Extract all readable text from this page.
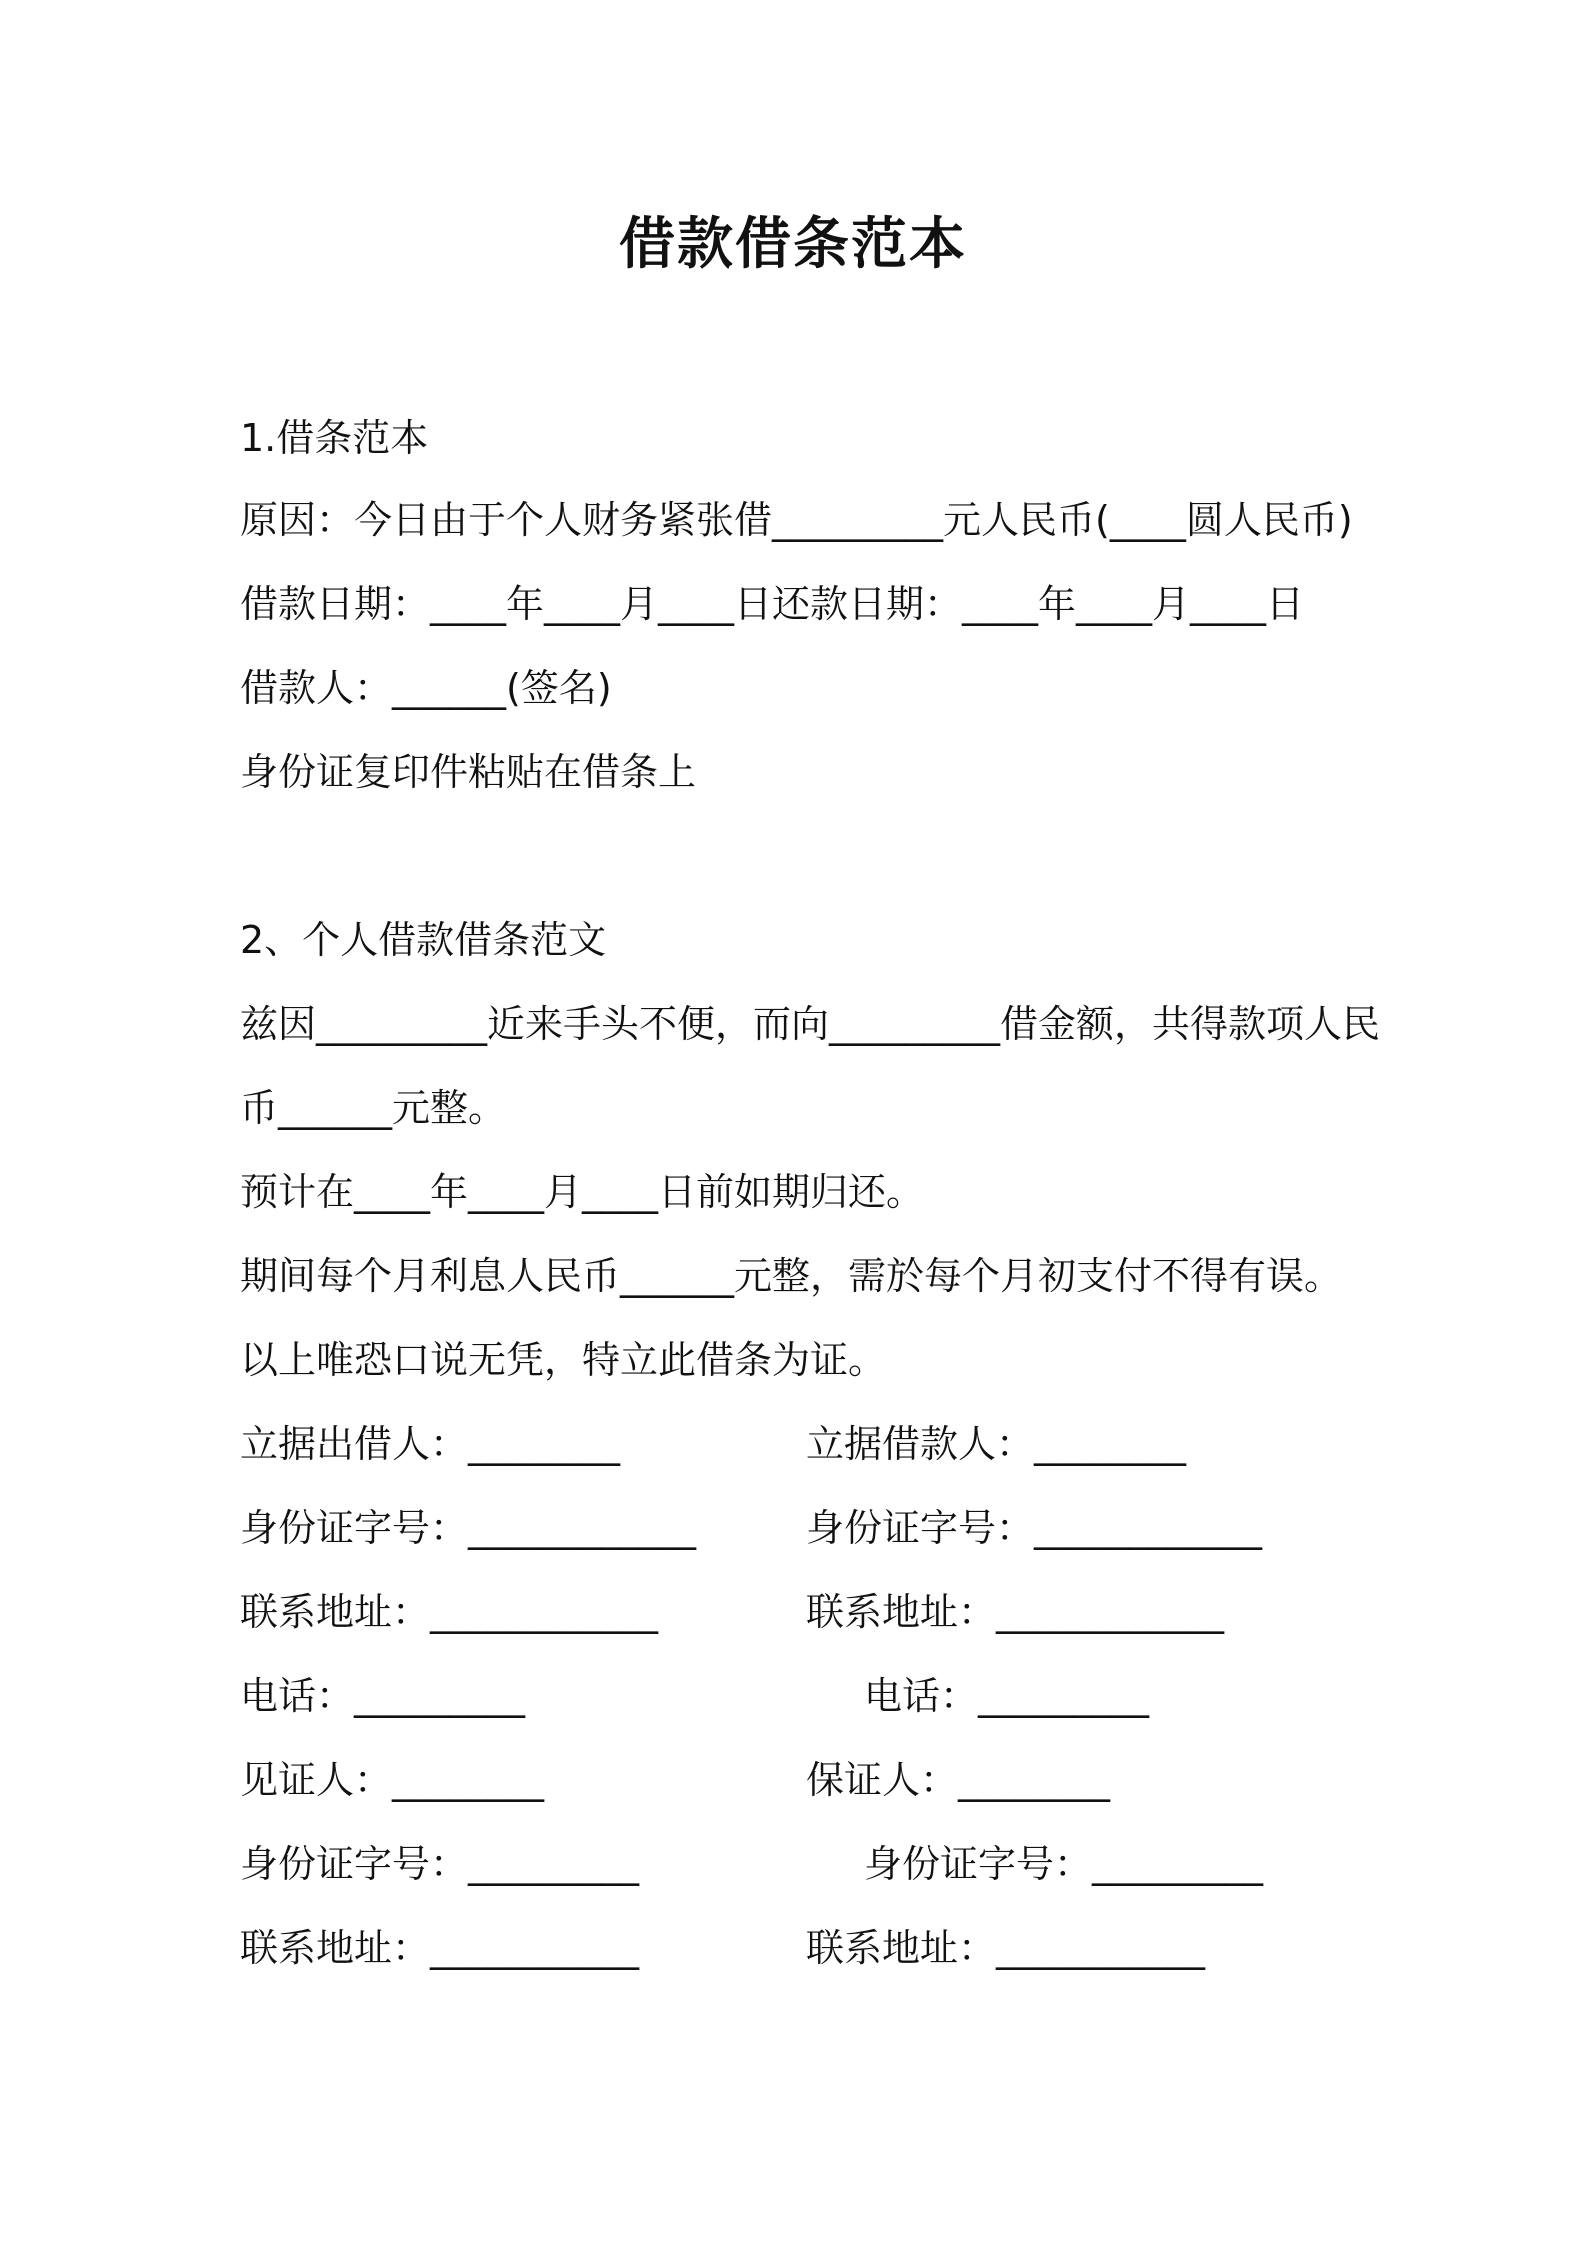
借款借条范本
1.借条范本
原因：今日由于个人财务紧张借_________元人民币(____圆人民币)
借款日期：____年____月____日还款日期：____年____月____日
借款人：______(签名)
身份证复印件粘贴在借条上
2、个人借款借条范文
兹因_________近来手头不便，而向_________借金额，共得款项人民
币______元整。
预计在____年____月____日前如期归还。
期间每个月利息人民币______元整，需於每个月初支付不得有误。
以上唯恐口说无凭，特立此借条为证。
立据出借人：________	立据借款人：________
身份证字号：____________	身份证字号：____________
联系地址：____________	联系地址：____________
电话：_________	电话：_________
见证人：________	保证人：________
身份证字号：_________	身份证字号：_________
联系地址：___________	联系地址：___________
